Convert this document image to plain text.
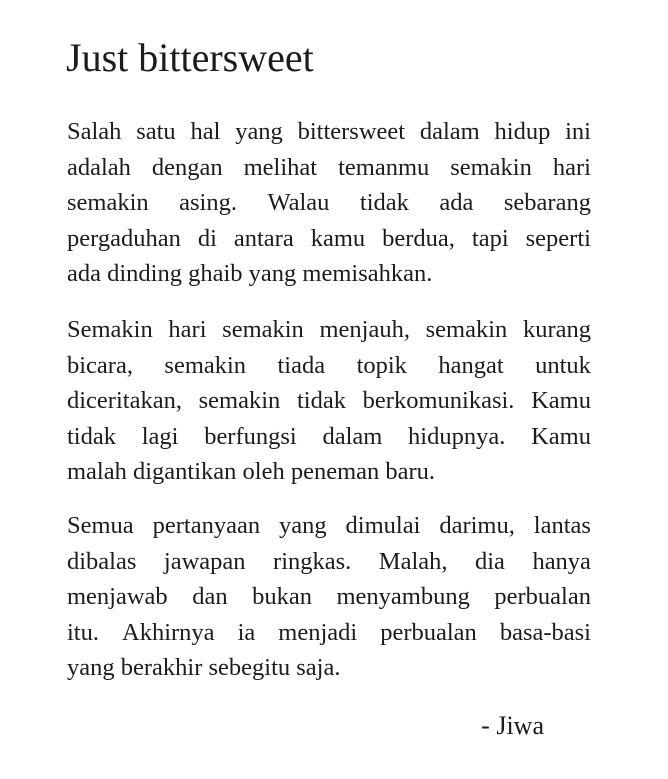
Just bittersweet
Salah satu hal yang bittersweet dalam hidup ini
adalah dengan melihat temanmu semakin hari
semakin asing. Walau tidak ada sebarang
pergaduhan di antara kamu berdua, tapi seperti
ada dinding ghaib yang memisahkan.
Semakin hari semakin menjauh, semakin kurang
bicara, semakin tiada topik hangat untuk
diceritakan, semakin tidak berkomunikasi. Kamu
tidak lagi berfungsi dalam hidupnya. Kamu
malah digantikan oleh peneman baru.
Semua pertanyaan yang dimulai darimu, lantas
dibalas jawapan ringkas. Malah, dia hanya
menjawab dan bukan menyambung perbualan
itu. Akhirnya ia menjadi perbualan basa-basi
yang berakhir sebegitu saja.
- Jiwa
